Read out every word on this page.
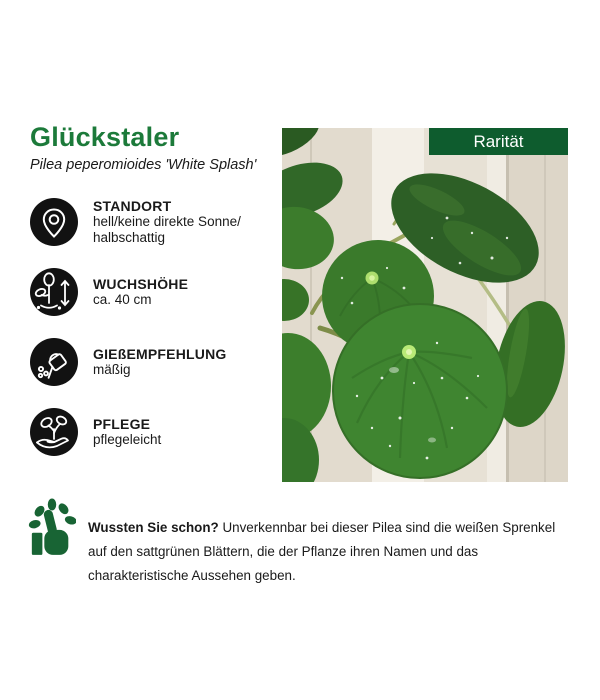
Glückstaler
Pilea peperomioides 'White Splash'
STANDORT
hell/keine direkte Sonne/
halbschattig
WUCHSHÖHE
ca. 40 cm
GIEßEMPFEHLUNG
mäßig
PFLEGE
pflegeleicht
Rarität

Wussten Sie schon? Unverkennbar bei dieser Pilea sind die weißen Sprenkel auf den sattgrünen Blättern, die der Pflanze ihren Namen und das charakteristische Aussehen geben.
